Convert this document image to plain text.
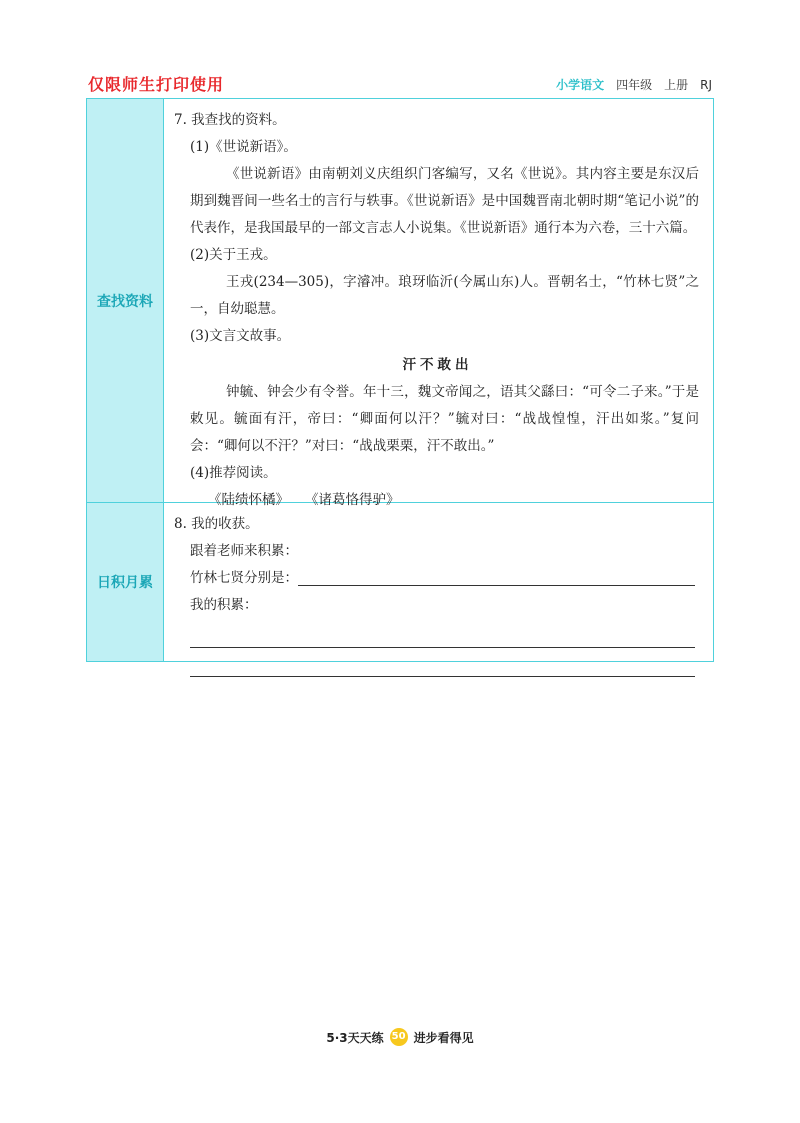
仅限师生打印使用	小学语文 四年级 上册 RJ
查找资料
7. 我查找的资料。
(1)《世说新语》。
《世说新语》由南朝刘义庆组织门客编写，又名《世说》。其内容主要是东汉后期到魏晋间一些名士的言行与轶事。《世说新语》是中国魏晋南北朝时期“笔记小说”的代表作，是我国最早的一部文言志人小说集。《世说新语》通行本为六卷，三十六篇。
(2)关于王戎。
王戎(234—305)，字濬冲。琅玡临沂(今属山东)人。晋朝名士，“竹林七贤”之一，自幼聪慧。
(3)文言文故事。
汗不敢出
钟毓、钟会少有令誉。年十三，魏文帝闻之，语其父繇曰：“可令二子来。”于是敕见。毓面有汗，帝曰：“卿面何以汗？”毓对曰：“战战惶惶，汗出如浆。”复问会：“卿何以不汗？”对曰：“战战栗栗，汗不敢出。”
(4)推荐阅读。
《陆绩怀橘》 《诸葛恪得驴》
日积月累
8. 我的收获。
跟着老师来积累：
竹林七贤分别是：
我的积累：
5·3天天练 50 进步看得见
